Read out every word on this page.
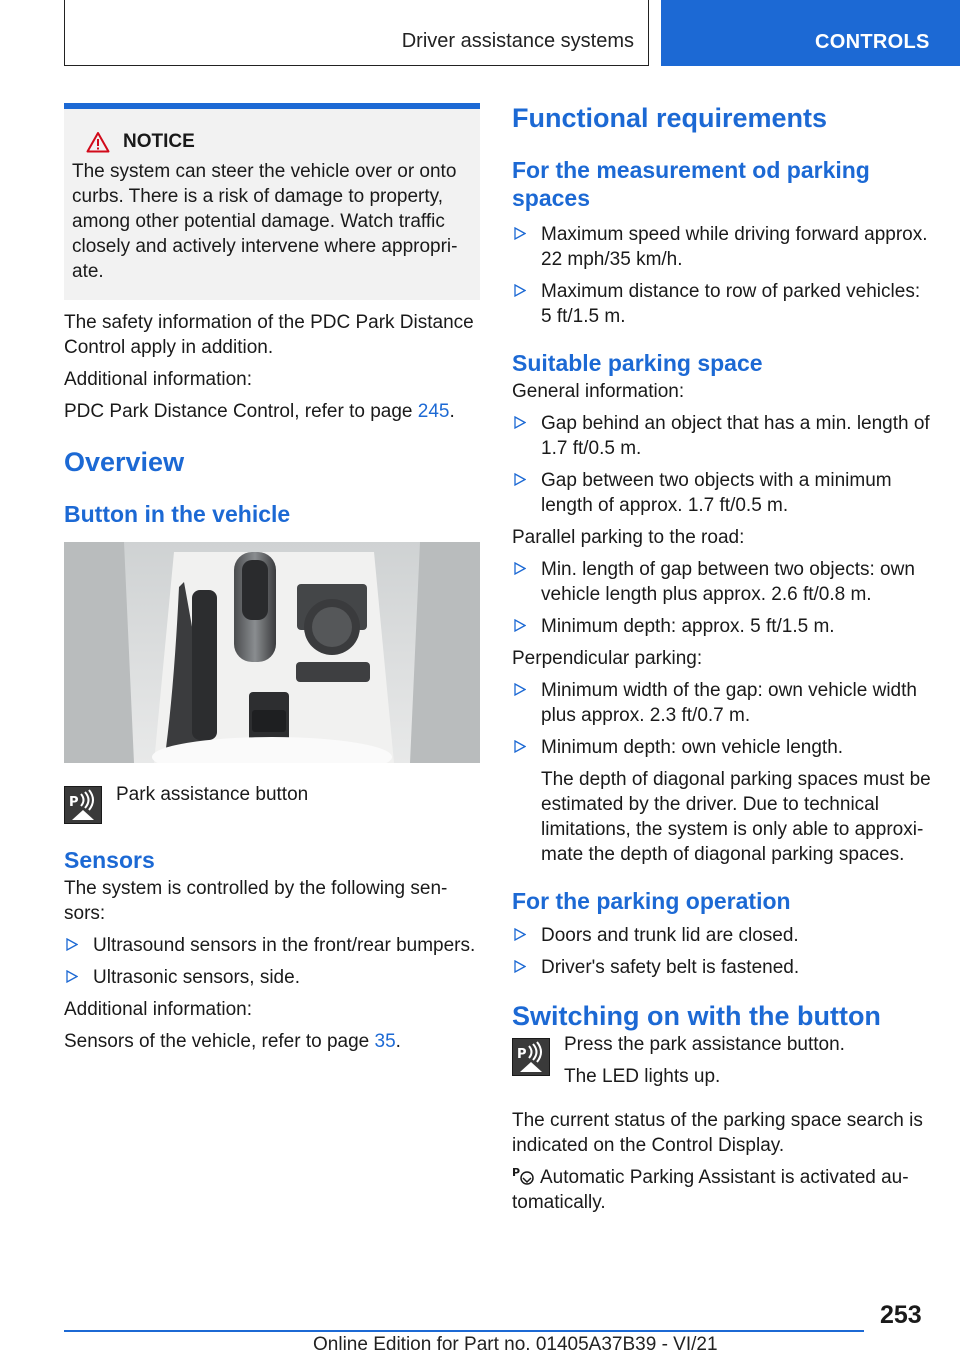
Driver assistance systems	CONTROLS
NOTICE

The system can steer the vehicle over or onto curbs. There is a risk of damage to property, among other potential damage. Watch traffic closely and actively intervene where appropriate.

The safety information of the PDC Park Distance Control apply in addition.

Additional information:

PDC Park Distance Control, refer to page 245.

Overview
Button in the vehicle
P Park assistance button
Sensors

The system is controlled by the following sensors:

Ultrasound sensors in the front/rear bumpers.
Ultrasonic sensors, side.

Additional information:

Sensors of the vehicle, refer to page 35.

Functional requirements
For the measurement od parking spaces
Maximum speed while driving forward approx. 22 mph/35 km/h.
Maximum distance to row of parked vehicles: 5 ft/1.5 m.
Suitable parking space

General information:

Gap behind an object that has a min. length of 1.7 ft/0.5 m.
Gap between two objects with a minimum length of approx. 1.7 ft/0.5 m.

Parallel parking to the road:

Min. length of gap between two objects: own vehicle length plus approx. 2.6 ft/0.8 m.
Minimum depth: approx. 5 ft/1.5 m.

Perpendicular parking:

Minimum width of the gap: own vehicle width plus approx. 2.3 ft/0.7 m.
Minimum depth: own vehicle length.
The depth of diagonal parking spaces must be estimated by the driver. Due to technical limitations, the system is only able to approximate the depth of diagonal parking spaces.
For the parking operation
Doors and trunk lid are closed.
Driver's safety belt is fastened.
Switching on with the button
P Press the park assistance button.

The LED lights up.

The current status of the parking space search is indicated on the Control Display.

P Automatic Parking Assistant is activated automatically.

253
Online Edition for Part no. 01405A37B39 - VI/21
